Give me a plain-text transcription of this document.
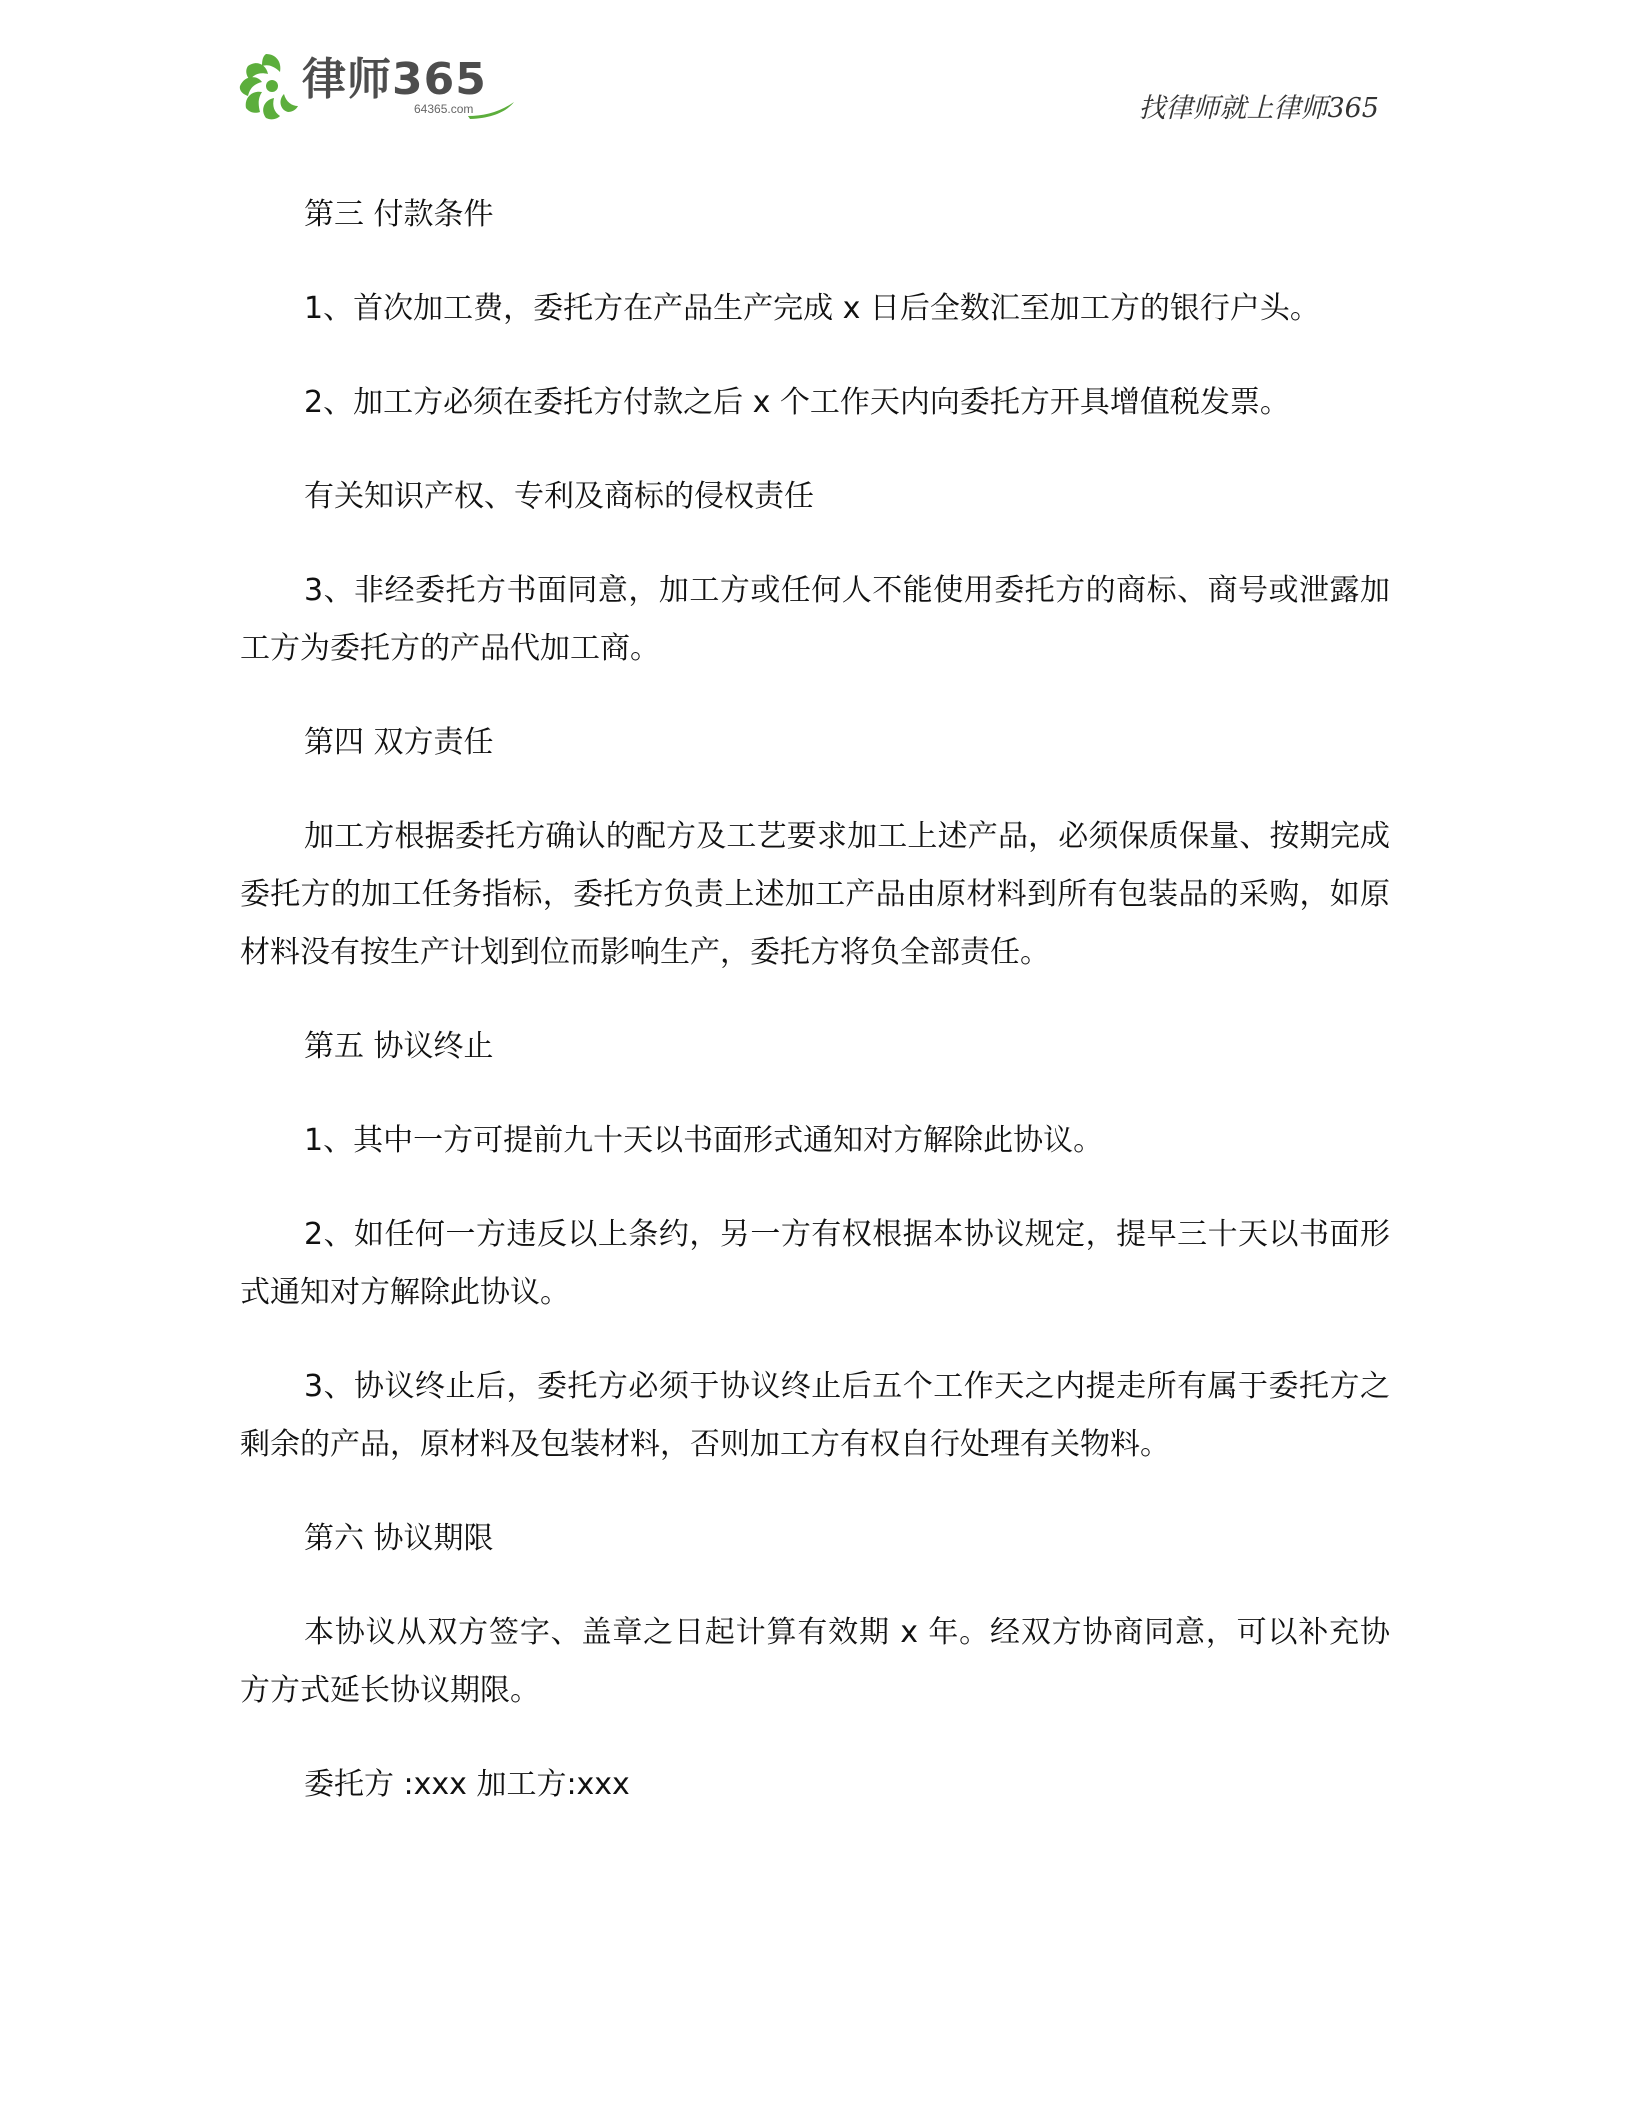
律师365
64365.com	找律师就上律师365

第三 付款条件

1、首次加工费，委托方在产品生产完成 x 日后全数汇至加工方的银行户头。

2、加工方必须在委托方付款之后 x 个工作天内向委托方开具增值税发票。

有关知识产权、专利及商标的侵权责任

3、非经委托方书面同意，加工方或任何人不能使用委托方的商标、商号或泄露加工方为委托方的产品代加工商。

第四 双方责任

加工方根据委托方确认的配方及工艺要求加工上述产品，必须保质保量、按期完成委托方的加工任务指标，委托方负责上述加工产品由原材料到所有包装品的采购，如原材料没有按生产计划到位而影响生产，委托方将负全部责任。

第五 协议终止

1、其中一方可提前九十天以书面形式通知对方解除此协议。

2、如任何一方违反以上条约，另一方有权根据本协议规定，提早三十天以书面形式通知对方解除此协议。

3、协议终止后，委托方必须于协议终止后五个工作天之内提走所有属于委托方之剩余的产品，原材料及包装材料，否则加工方有权自行处理有关物料。

第六 协议期限

本协议从双方签字、盖章之日起计算有效期 x 年。经双方协商同意，可以补充协方方式延长协议期限。

委托方 :xxx 加工方:xxx
